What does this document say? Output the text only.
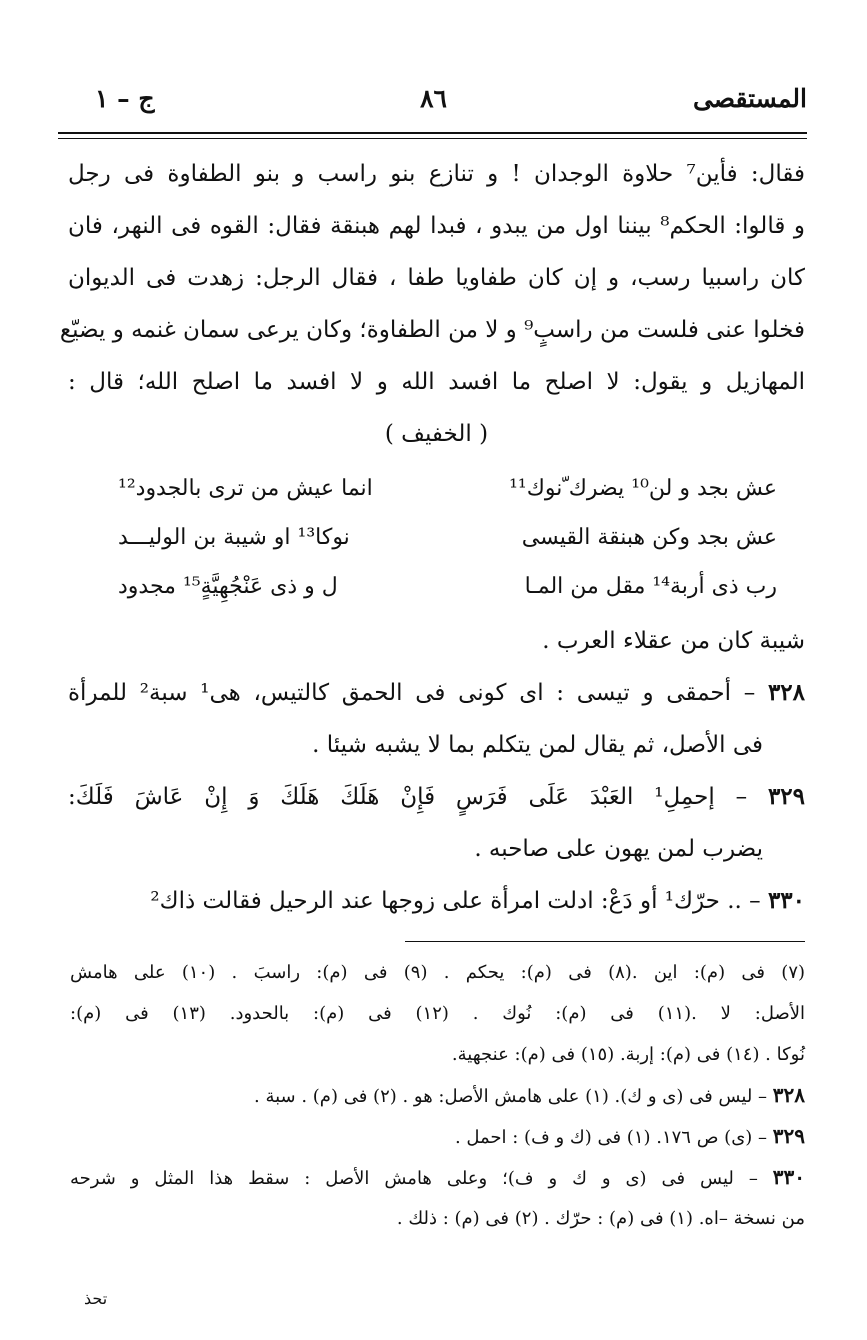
المستقصى
٨٦
ج – ١
فقال: فأين⁷ حلاوة الوجدان ! و تنازع بنو راسب و بنو الطفاوة فى رجل
و قالوا: الحكم⁸ بيننا اول من يبدو ، فبدا لهم هبنقة فقال: القوه فى النهر، فان
كان راسبيا رسب، و إن كان طفاويا طفا ، فقال الرجل: زهدت فى الديوان
فخلوا عنى فلست من راسبٍ⁹ و لا من الطفاوة؛ وكان يرعى سمان غنمه و يضيّع
المهازيل و يقول: لا اصلح ما افسد الله و لا افسد ما اصلح الله؛ قال :
( الخفيف )
عش بجد و لن¹⁰ يضرك ّنوك¹¹
انما عيش من ترى بالجدود¹²
عش بجد وكن هبنقة القيسى
نوكا¹³ او شيبة بن الوليـــد
رب ذى أربة¹⁴ مقل من المـا
ل و ذى عَنْجُهِيَّةٍ¹⁵ مجدود
شيبة كان من عقلاء العرب .
٣٢٨ – أحمقى و تيسى : اى كونى فى الحمق كالتيس، هى¹ سبة² للمرأة
فى الأصل، ثم يقال لمن يتكلم بما لا يشبه شيئا .
٣٢٩ – إحمِلِ¹ العَبْدَ عَلَى فَرَسٍ فَإِنْ هَلَكَ هَلَكَ وَ إِنْ عَاشَ فَلَكَ:
يضرب لمن يهون على صاحبه .
٣٣٠ – .. حرّك¹ أو دَعْ: ادلت امرأة على زوجها عند الرحيل فقالت ذاك²
(٧) فى (م): اين .(٨) فى (م): يحكم . (٩) فى (م): راسبَ . (١٠) على هامش
الأصل: لا .(١١) فى (م): نُوك . (١٢) فى (م): بالحدود. (١٣) فى (م):
نُوكا . (١٤) فى (م): إربة. (١٥) فى (م): عنجهية.
٣٢٨ – ليس فى (ى و ك). (١) على هامش الأصل: هو . (٢) فى (م) . سبة .
٣٢٩ – (ى) ص ١٧٦. (١) فى (ك و ف) : احمل .
٣٣٠ – ليس فى (ى و ك و ف)؛ وعلى هامش الأصل : سقط هذا المثل و شرحه
من نسخة –اه. (١) فى (م) : حرّك . (٢) فى (م) : ذلك .
تحذ
